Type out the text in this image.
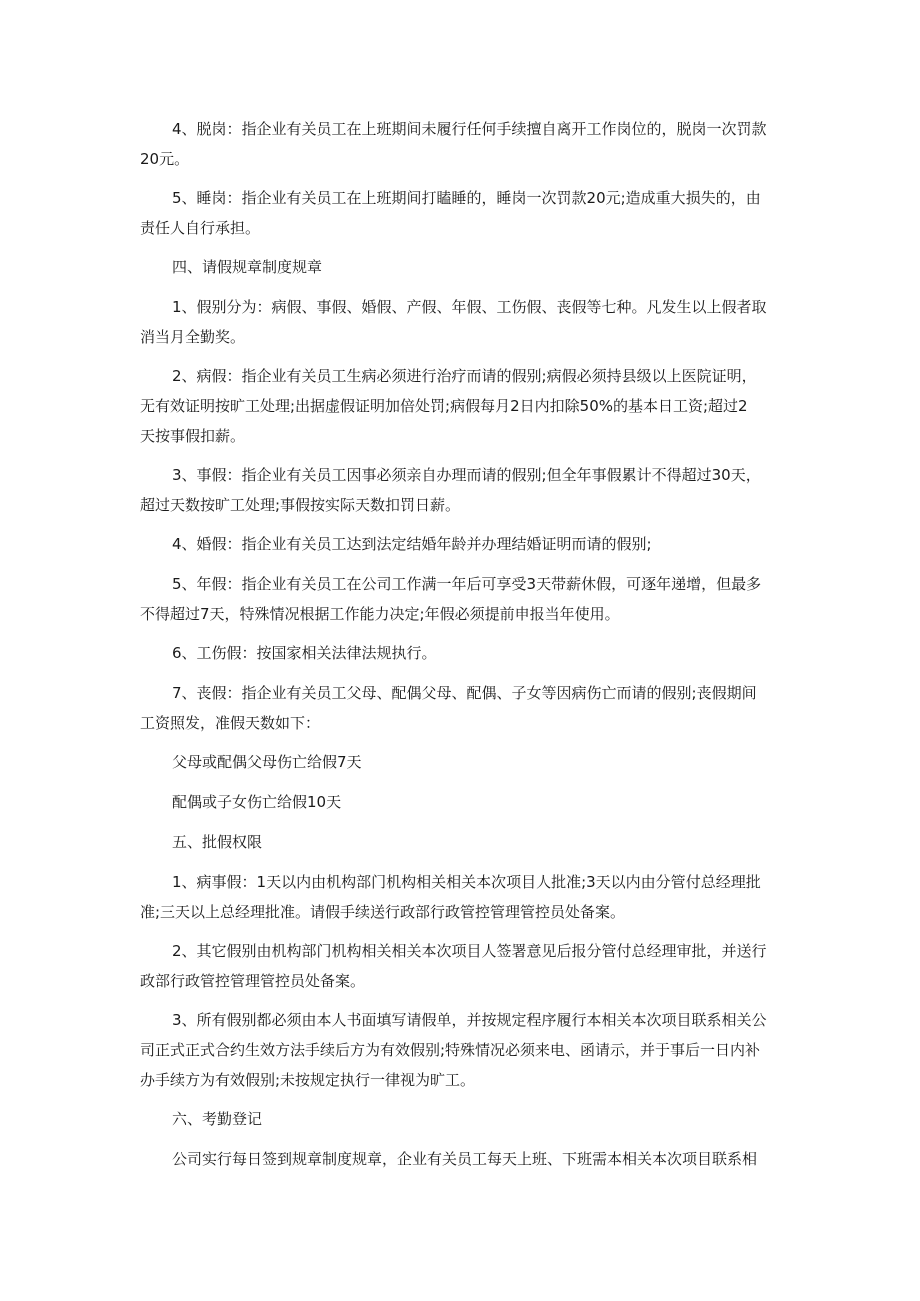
4、脱岗：指企业有关员工在上班期间未履行任何手续擅自离开工作岗位的，脱岗一次罚款
20元。
5、睡岗：指企业有关员工在上班期间打瞌睡的，睡岗一次罚款20元;造成重大损失的，由
责任人自行承担。
四、请假规章制度规章
1、假别分为：病假、事假、婚假、产假、年假、工伤假、丧假等七种。凡发生以上假者取
消当月全勤奖。
2、病假：指企业有关员工生病必须进行治疗而请的假别;病假必须持县级以上医院证明，
无有效证明按旷工处理;出据虚假证明加倍处罚;病假每月2日内扣除50%的基本日工资;超过2
天按事假扣薪。
3、事假：指企业有关员工因事必须亲自办理而请的假别;但全年事假累计不得超过30天，
超过天数按旷工处理;事假按实际天数扣罚日薪。
4、婚假：指企业有关员工达到法定结婚年龄并办理结婚证明而请的假别;
5、年假：指企业有关员工在公司工作满一年后可享受3天带薪休假，可逐年递增，但最多
不得超过7天，特殊情况根据工作能力决定;年假必须提前申报当年使用。
6、工伤假：按国家相关法律法规执行。
7、丧假：指企业有关员工父母、配偶父母、配偶、子女等因病伤亡而请的假别;丧假期间
工资照发，准假天数如下：
父母或配偶父母伤亡给假7天
配偶或子女伤亡给假10天
五、批假权限
1、病事假：1天以内由机构部门机构相关相关本次项目人批准;3天以内由分管付总经理批
准;三天以上总经理批准。请假手续送行政部行政管控管理管控员处备案。
2、其它假别由机构部门机构相关相关本次项目人签署意见后报分管付总经理审批，并送行
政部行政管控管理管控员处备案。
3、所有假别都必须由本人书面填写请假单，并按规定程序履行本相关本次项目联系相关公
司正式正式合约生效方法手续后方为有效假别;特殊情况必须来电、函请示，并于事后一日内补
办手续方为有效假别;未按规定执行一律视为旷工。
六、考勤登记
公司实行每日签到规章制度规章，企业有关员工每天上班、下班需本相关本次项目联系相
